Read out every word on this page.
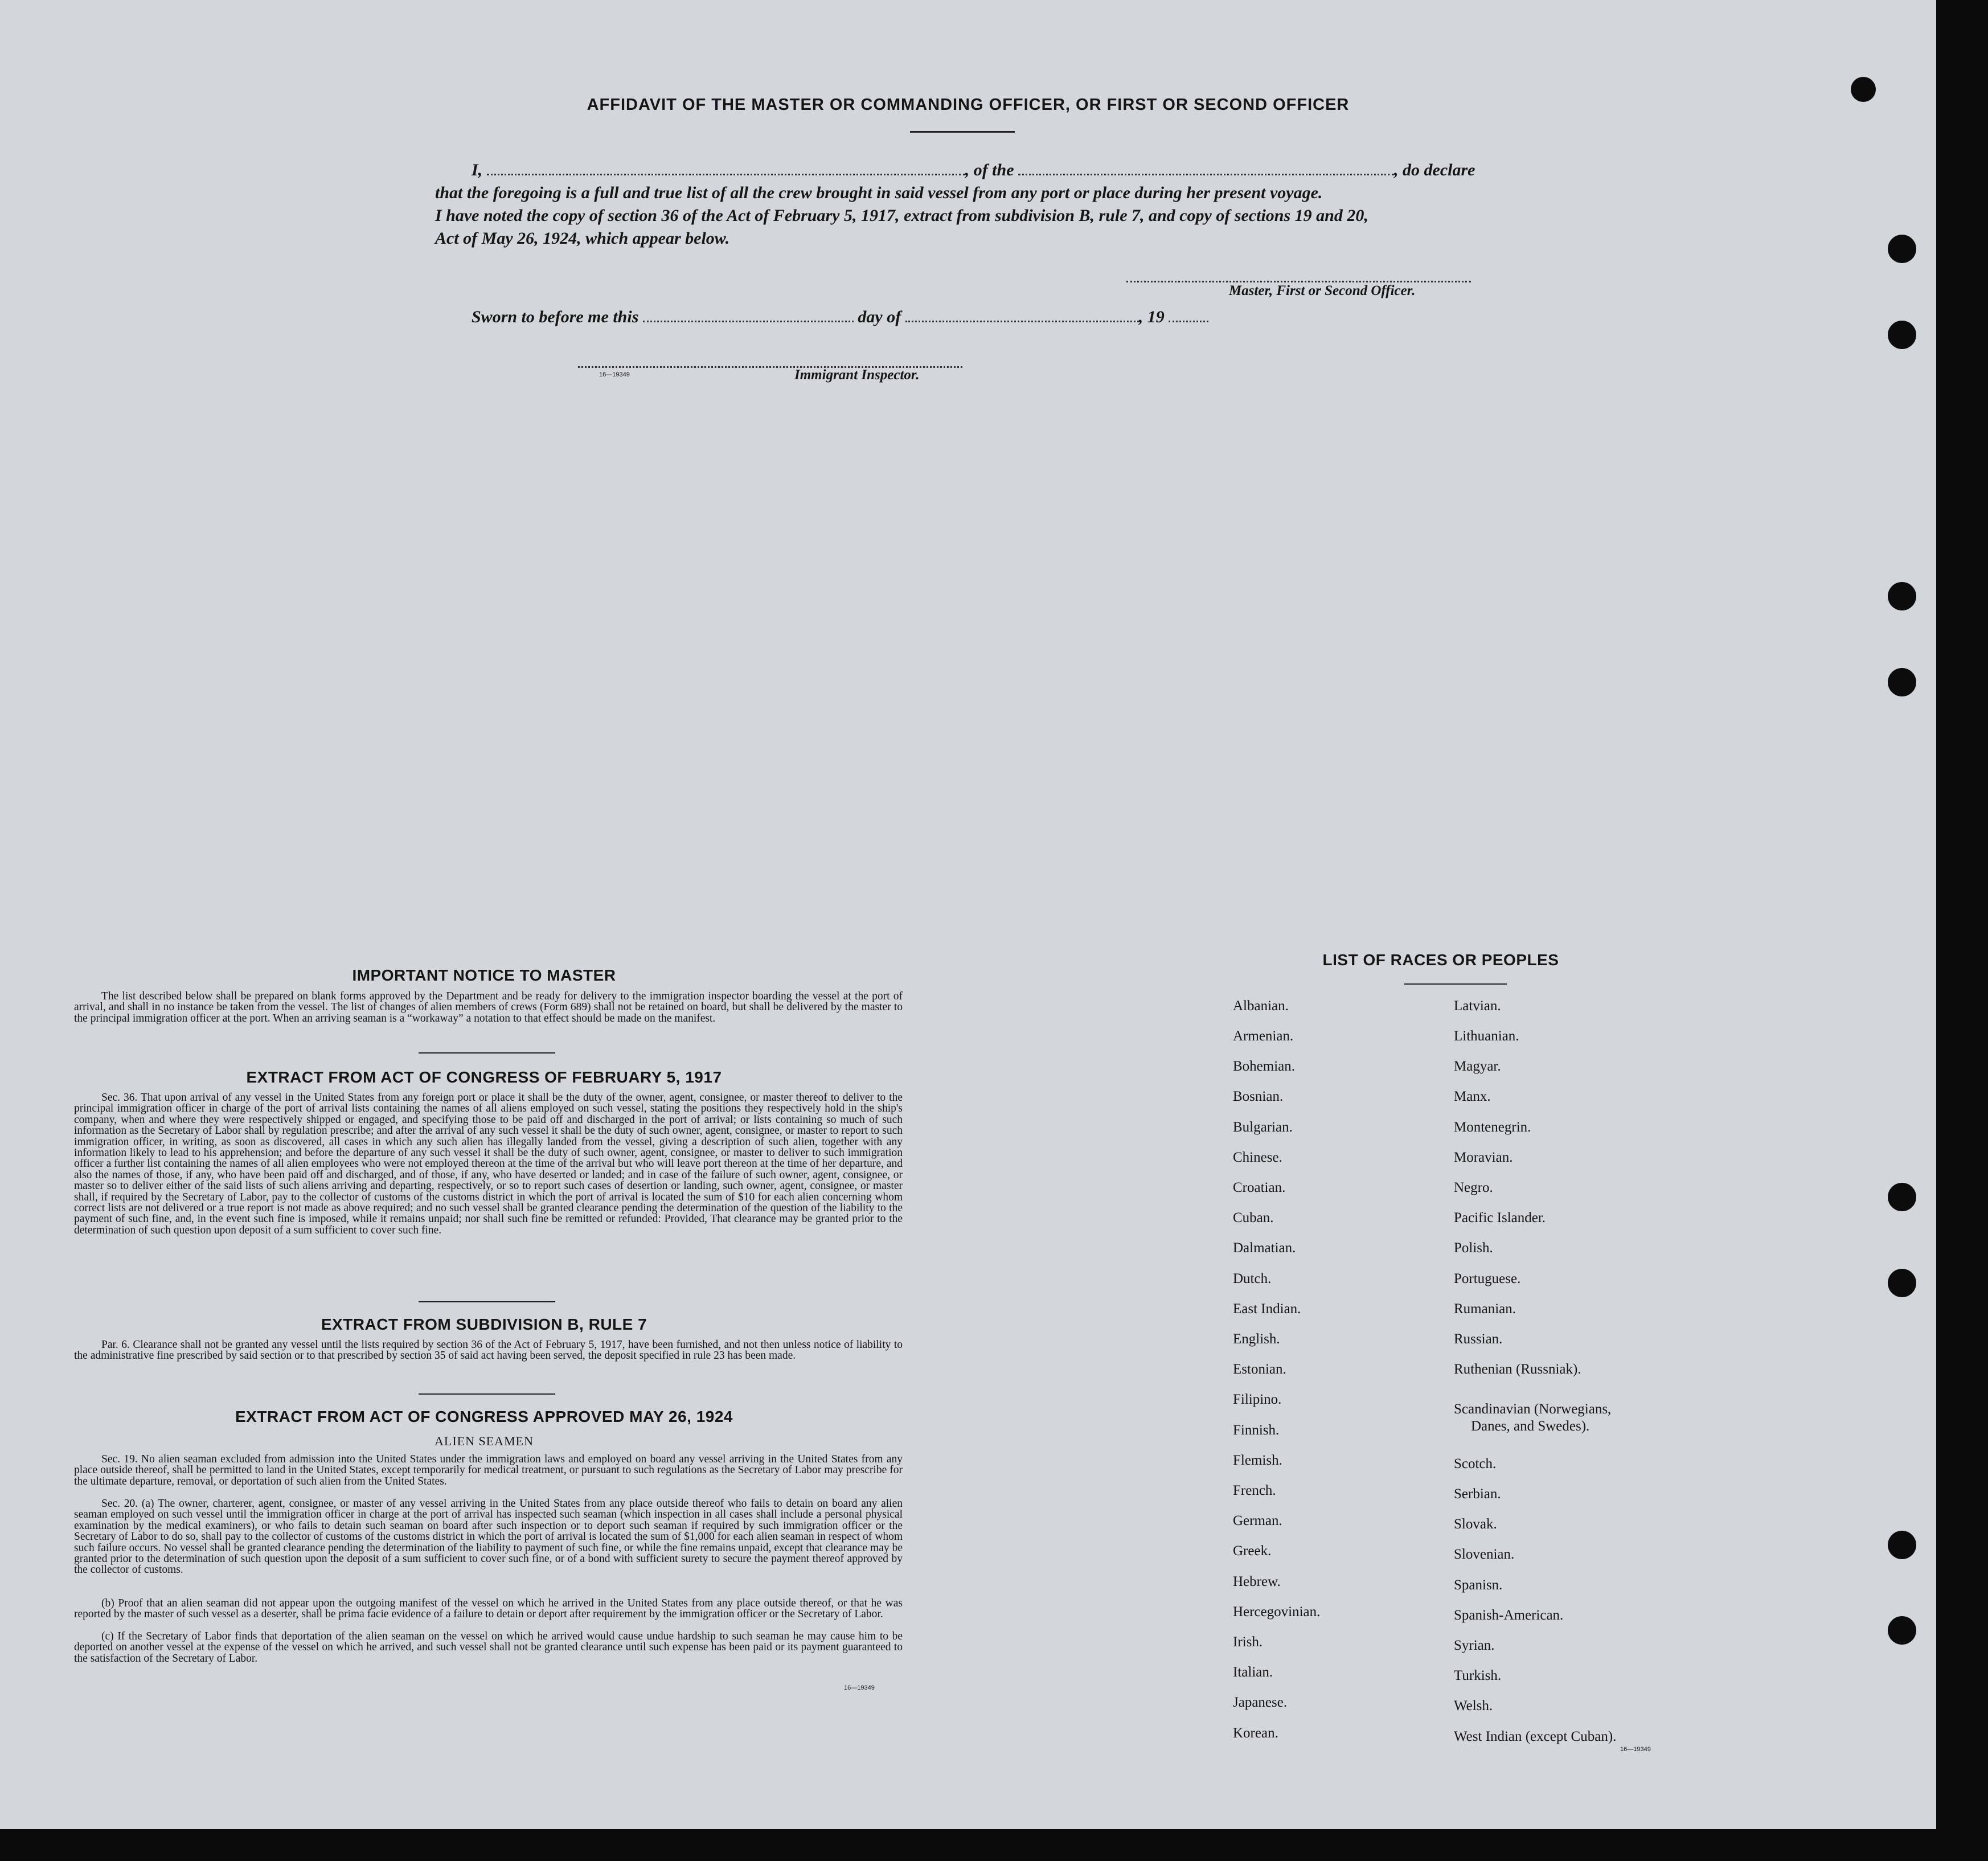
AFFIDAVIT OF THE MASTER OR COMMANDING OFFICER, OR FIRST OR SECOND OFFICER
I,	, of the	, do declare
that the foregoing is a full and true list of all the crew brought in said vessel from any port or place during her present voyage.
I have noted the copy of section 36 of the Act of February 5, 1917, extract from subdivision B, rule 7, and copy of sections 19 and 20,
Act of May 26, 1924, which appear below.
Master, First or Second Officer.
Sworn to before me this	day of	, 19
16—19349	Immigrant Inspector.
IMPORTANT NOTICE TO MASTER
The list described below shall be prepared on blank forms approved by the Department and be ready for delivery to the immigration inspector boarding the vessel at the port of arrival, and shall in no instance be taken from the vessel. The list of changes of alien members of crews (Form 689) shall not be retained on board, but shall be delivered by the master to the principal immigration officer at the port. When an arriving seaman is a “workaway” a notation to that effect should be made on the manifest.
EXTRACT FROM ACT OF CONGRESS OF FEBRUARY 5, 1917
Sec. 36. That upon arrival of any vessel in the United States from any foreign port or place it shall be the duty of the owner, agent, consignee, or master thereof to deliver to the principal immigration officer in charge of the port of arrival lists containing the names of all aliens employed on such vessel, stating the positions they respectively hold in the ship's company, when and where they were respectively shipped or engaged, and specifying those to be paid off and discharged in the port of arrival; or lists containing so much of such information as the Secretary of Labor shall by regulation prescribe; and after the arrival of any such vessel it shall be the duty of such owner, agent, consignee, or master to report to such immigration officer, in writing, as soon as discovered, all cases in which any such alien has illegally landed from the vessel, giving a description of such alien, together with any information likely to lead to his apprehension; and before the departure of any such vessel it shall be the duty of such owner, agent, consignee, or master to deliver to such immigration officer a further list containing the names of all alien employees who were not employed thereon at the time of the arrival but who will leave port thereon at the time of her departure, and also the names of those, if any, who have been paid off and discharged, and of those, if any, who have deserted or landed; and in case of the failure of such owner, agent, consignee, or master so to deliver either of the said lists of such aliens arriving and departing, respectively, or so to report such cases of desertion or landing, such owner, agent, consignee, or master shall, if required by the Secretary of Labor, pay to the collector of customs of the customs district in which the port of arrival is located the sum of $10 for each alien concerning whom correct lists are not delivered or a true report is not made as above required; and no such vessel shall be granted clearance pending the determination of the question of the liability to the payment of such fine, and, in the event such fine is imposed, while it remains unpaid; nor shall such fine be remitted or refunded: Provided, That clearance may be granted prior to the determination of such question upon deposit of a sum sufficient to cover such fine.
EXTRACT FROM SUBDIVISION B, RULE 7
Par. 6. Clearance shall not be granted any vessel until the lists required by section 36 of the Act of February 5, 1917, have been furnished, and not then unless notice of liability to the administrative fine prescribed by said section or to that prescribed by section 35 of said act having been served, the deposit specified in rule 23 has been made.
EXTRACT FROM ACT OF CONGRESS APPROVED MAY 26, 1924
ALIEN SEAMEN
Sec. 19. No alien seaman excluded from admission into the United States under the immigration laws and employed on board any vessel arriving in the United States from any place outside thereof, shall be permitted to land in the United States, except temporarily for medical treatment, or pursuant to such regulations as the Secretary of Labor may prescribe for the ultimate departure, removal, or deportation of such alien from the United States.
Sec. 20. (a) The owner, charterer, agent, consignee, or master of any vessel arriving in the United States from any place outside thereof who fails to detain on board any alien seaman employed on such vessel until the immigration officer in charge at the port of arrival has inspected such seaman (which inspection in all cases shall include a personal physical examination by the medical examiners), or who fails to detain such seaman on board after such inspection or to deport such seaman if required by such immigration officer or the Secretary of Labor to do so, shall pay to the collector of customs of the customs district in which the port of arrival is located the sum of $1,000 for each alien seaman in respect of whom such failure occurs. No vessel shall be granted clearance pending the determination of the liability to payment of such fine, or while the fine remains unpaid, except that clearance may be granted prior to the determination of such question upon the deposit of a sum sufficient to cover such fine, or of a bond with sufficient surety to secure the payment thereof approved by the collector of customs.
(b) Proof that an alien seaman did not appear upon the outgoing manifest of the vessel on which he arrived in the United States from any place outside thereof, or that he was reported by the master of such vessel as a deserter, shall be prima facie evidence of a failure to detain or deport after requirement by the immigration officer or the Secretary of Labor.
(c) If the Secretary of Labor finds that deportation of the alien seaman on the vessel on which he arrived would cause undue hardship to such seaman he may cause him to be deported on another vessel at the expense of the vessel on which he arrived, and such vessel shall not be granted clearance until such expense has been paid or its payment guaranteed to the satisfaction of the Secretary of Labor.
16—19349
LIST OF RACES OR PEOPLES
Albanian.
Armenian.
Bohemian.
Bosnian.
Bulgarian.
Chinese.
Croatian.
Cuban.
Dalmatian.
Dutch.
East Indian.
English.
Estonian.
Filipino.
Finnish.
Flemish.
French.
German.
Greek.
Hebrew.
Hercegovinian.
Irish.
Italian.
Japanese.
Korean.
Latvian.
Lithuanian.
Magyar.
Manx.
Montenegrin.
Moravian.
Negro.
Pacific Islander.
Polish.
Portuguese.
Rumanian.
Russian.
Ruthenian (Russniak).
Scandinavian (Norwegians,
Danes, and Swedes).
Scotch.
Serbian.
Slovak.
Slovenian.
Spanisn.
Spanish-American.
Syrian.
Turkish.
Welsh.
West Indian (except Cuban).
16—19349
